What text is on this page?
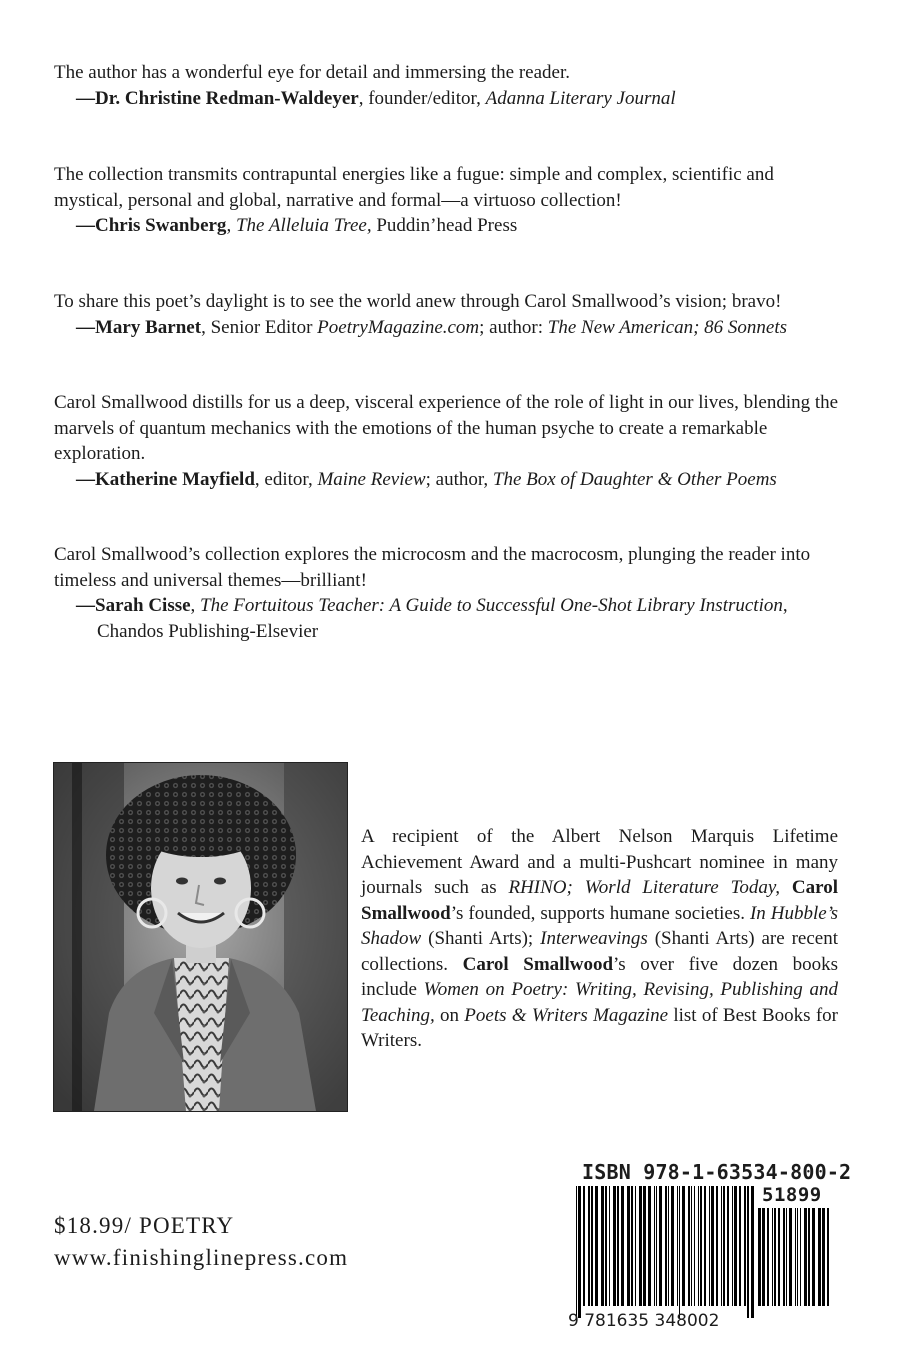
The author has a wonderful eye for detail and immersing the reader.

—Dr. Christine Redman-Waldeyer, founder/editor, Adanna Literary Journal

The collection transmits contrapuntal energies like a fugue: simple and complex, scientific and mystical, personal and global, narrative and formal—a virtuoso collection!

—Chris Swanberg, The Alleluia Tree, Puddin’head Press

To share this poet’s daylight is to see the world anew through Carol Smallwood’s vision; bravo!

—Mary Barnet, Senior Editor PoetryMagazine.com; author: The New American; 86 Sonnets

Carol Smallwood distills for us a deep, visceral experience of the role of light in our lives, blending the marvels of quantum mechanics with the emotions of the human psyche to create a remarkable exploration.

—Katherine Mayfield, editor, Maine Review; author, The Box of Daughter & Other Poems

Carol Smallwood’s collection explores the microcosm and the macrocosm, plunging the reader into timeless and universal themes—brilliant!

—Sarah Cisse, The Fortuitous Teacher: A Guide to Successful One-Shot Library Instruction, Chandos Publishing-Elsevier

A recipient of the Albert Nelson Marquis Lifetime Achievement Award and a multi-Pushcart nominee in many journals such as RHINO; World Literature Today, Carol Smallwood’s founded, supports humane societies. In Hubble’s Shadow (Shanti Arts); Interweavings (Shanti Arts) are recent collections. Carol Smallwood’s over five dozen books include Women on Poetry: Writing, Revising, Publishing and Teaching, on Poets & Writers Magazine list of Best Books for Writers.
$18.99/ POETRY
www.finishinglinepress.com
ISBN 978-1-63534-800-2
51899
9 781635 348002
